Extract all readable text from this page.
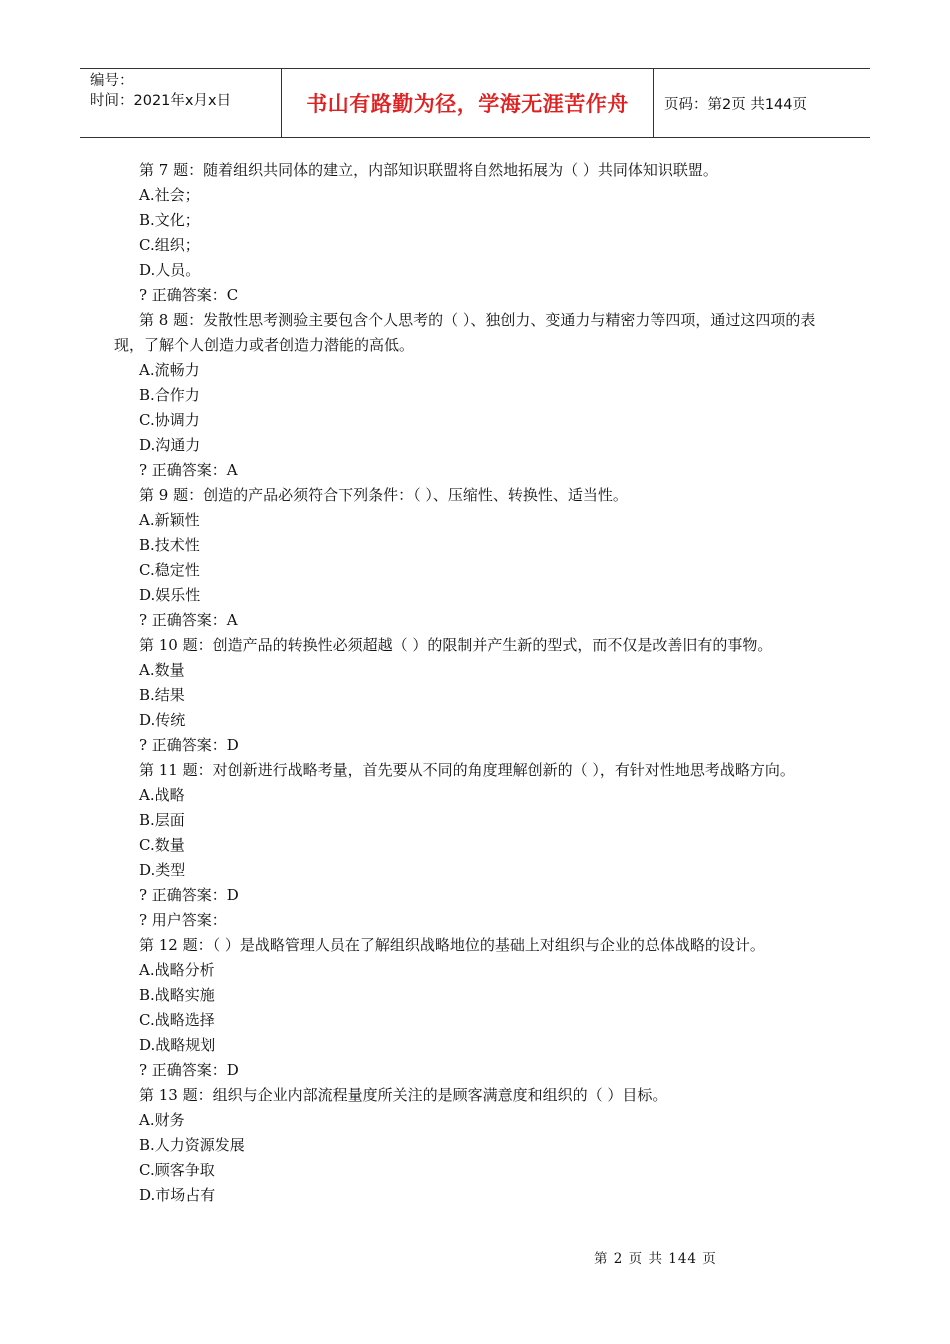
编号：
时间：2021年x月x日	书山有路勤为径，学海无涯苦作舟 页码：第2页 共144页
第 7 题：随着组织共同体的建立，内部知识联盟将自然地拓展为（ ）共同体知识联盟。
A.社会；
B.文化；
C.组织；
D.人员。
? 正确答案：C
第 8 题：发散性思考测验主要包含个人思考的（ ）、独创力、变通力与精密力等四项，通过这四项的表现，了解个人创造力或者创造力潜能的高低。
A.流畅力
B.合作力
C.协调力
D.沟通力
? 正确答案：A
第 9 题：创造的产品必须符合下列条件：（ ）、压缩性、转换性、适当性。
A.新颖性
B.技术性
C.稳定性
D.娱乐性
? 正确答案：A
第 10 题：创造产品的转换性必须超越（ ）的限制并产生新的型式，而不仅是改善旧有的事物。
A.数量
B.结果
D.传统
? 正确答案：D
第 11 题：对创新进行战略考量，首先要从不同的角度理解创新的（ ），有针对性地思考战略方向。
A.战略
B.层面
C.数量
D.类型
? 正确答案：D
? 用户答案：
第 12 题：（ ）是战略管理人员在了解组织战略地位的基础上对组织与企业的总体战略的设计。
A.战略分析
B.战略实施
C.战略选择
D.战略规划
? 正确答案：D
第 13 题：组织与企业内部流程量度所关注的是顾客满意度和组织的（ ）目标。
A.财务
B.人力资源发展
C.顾客争取
D.市场占有
第 2 页 共 144 页
